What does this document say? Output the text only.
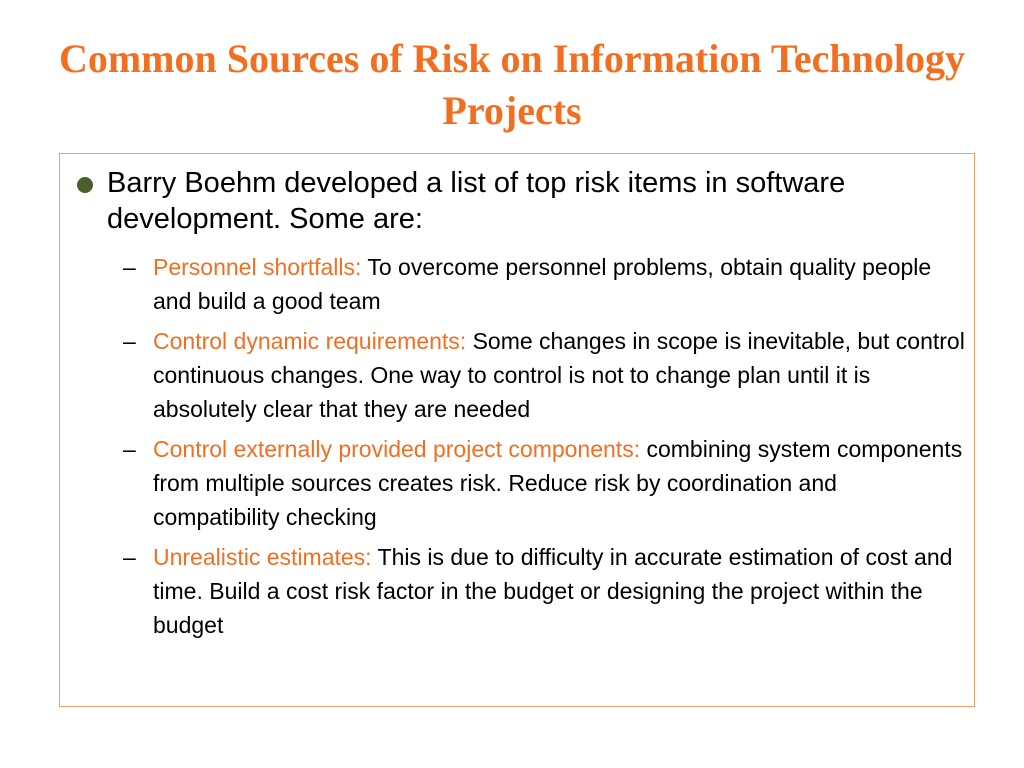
Common Sources of Risk on Information Technology Projects
Barry Boehm developed a list of top risk items in software development. Some are:
– Personnel shortfalls: To overcome personnel problems, obtain quality people and build a good team
– Control dynamic requirements: Some changes in scope is inevitable, but control continuous changes. One way to control is not to change plan until it is absolutely clear that they are needed
– Control externally provided project components: combining system components from multiple sources creates risk. Reduce risk by coordination and compatibility checking
– Unrealistic estimates: This is due to difficulty in accurate estimation of cost and time. Build a cost risk factor in the budget or designing the project within the budget
